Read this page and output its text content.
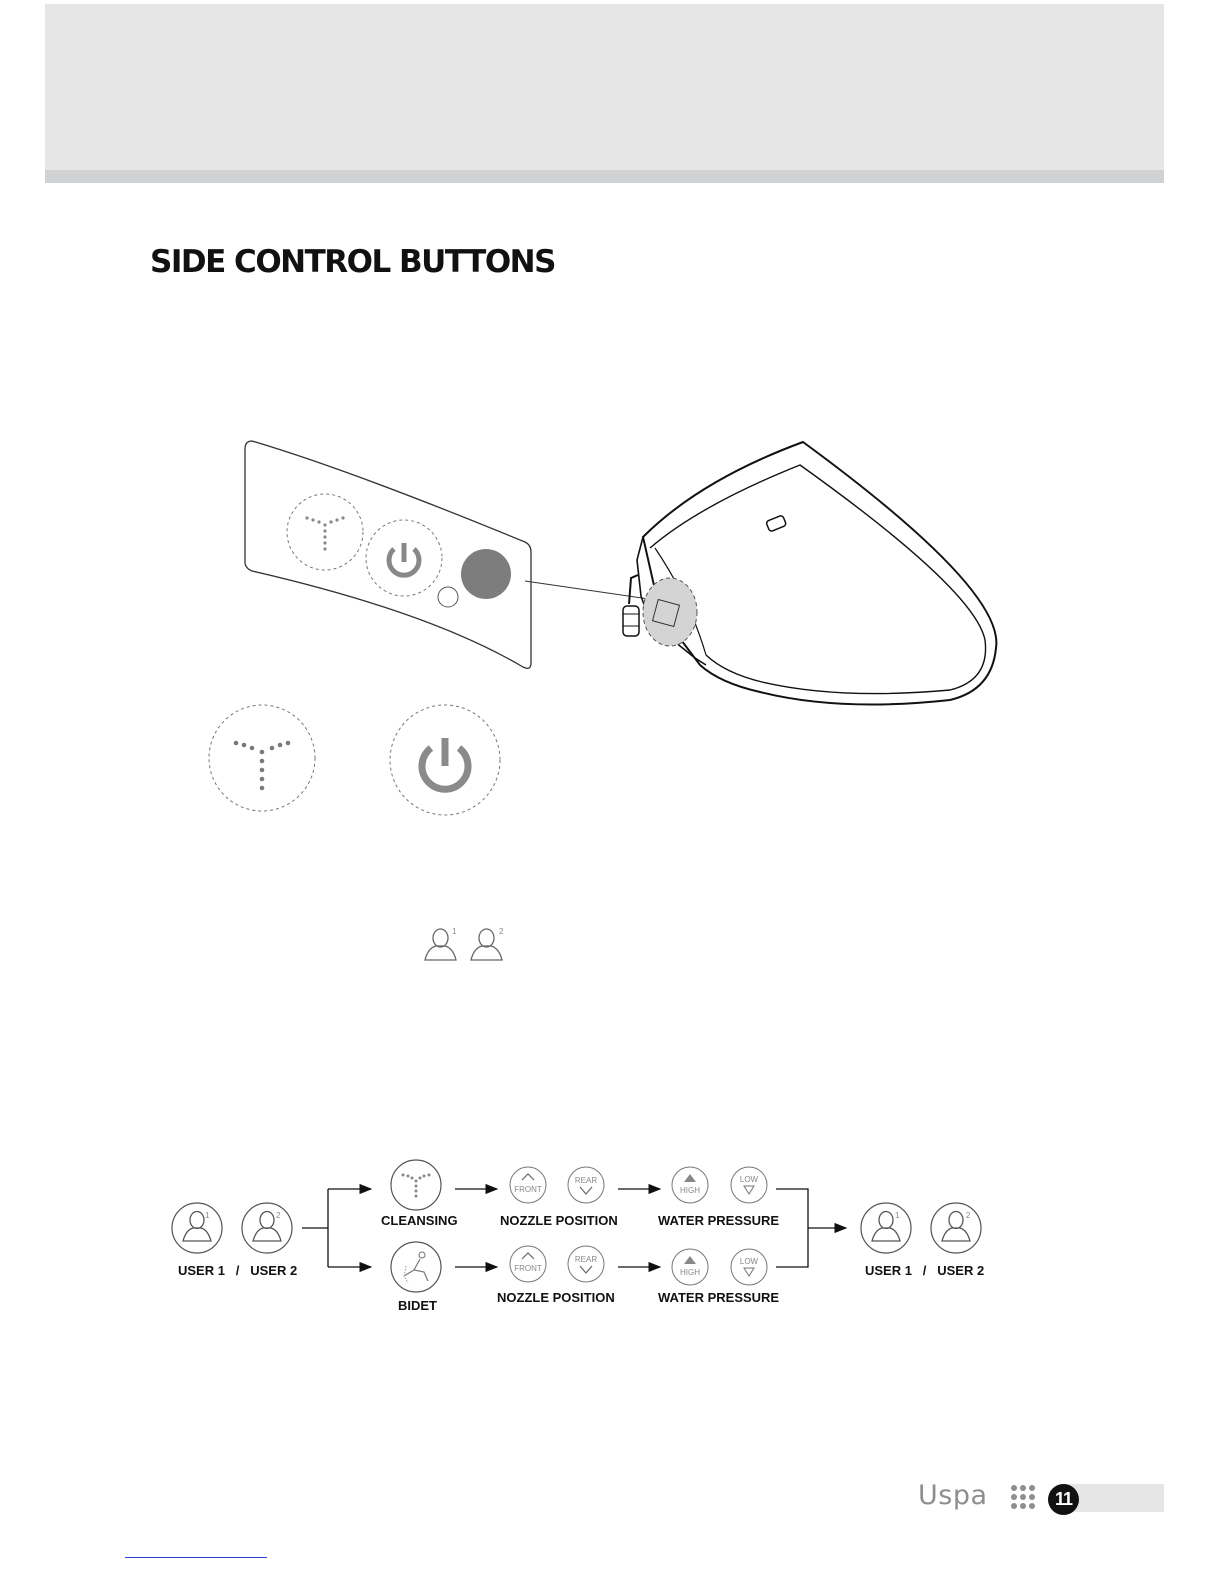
SIDE CONTROL BUTTONS
1	2
1	2
USER 1   /   USER 2
CLEANSING
FRONT
REAR
NOZZLE POSITION
HIGH
LOW
WATER PRESSURE
BIDET
FRONT
REAR
NOZZLE POSITION
HIGH
LOW
WATER PRESSURE
1	2
USER 1   /   USER 2
Uspa	11
